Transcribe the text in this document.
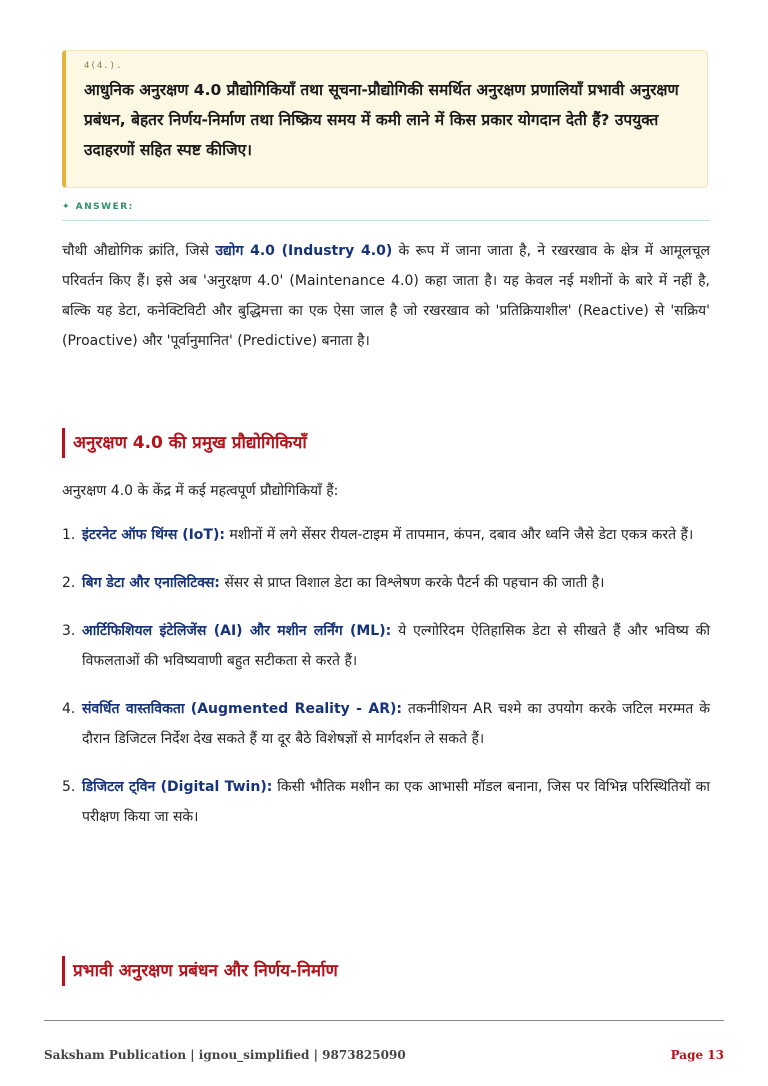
4(4.).
आधुनिक अनुरक्षण 4.0 प्रौद्योगिकियाँ तथा सूचना-प्रौद्योगिकी समर्थित अनुरक्षण प्रणालियाँ प्रभावी अनुरक्षण प्रबंधन, बेहतर निर्णय-निर्माण तथा निष्क्रिय समय में कमी लाने में किस प्रकार योगदान देती हैं? उपयुक्त उदाहरणों सहित स्पष्ट कीजिए।
✦ ANSWER:
चौथी औद्योगिक क्रांति, जिसे उद्योग 4.0 (Industry 4.0) के रूप में जाना जाता है, ने रखरखाव के क्षेत्र में आमूलचूल परिवर्तन किए हैं। इसे अब 'अनुरक्षण 4.0' (Maintenance 4.0) कहा जाता है। यह केवल नई मशीनों के बारे में नहीं है, बल्कि यह डेटा, कनेक्टिविटी और बुद्धिमत्ता का एक ऐसा जाल है जो रखरखाव को 'प्रतिक्रियाशील' (Reactive) से 'सक्रिय' (Proactive) और 'पूर्वानुमानित' (Predictive) बनाता है।
अनुरक्षण 4.0 की प्रमुख प्रौद्योगिकियाँ
अनुरक्षण 4.0 के केंद्र में कई महत्वपूर्ण प्रौद्योगिकियाँ हैं:
1. इंटरनेट ऑफ थिंग्स (IoT): मशीनों में लगे सेंसर रीयल-टाइम में तापमान, कंपन, दबाव और ध्वनि जैसे डेटा एकत्र करते हैं।
2. बिग डेटा और एनालिटिक्स: सेंसर से प्राप्त विशाल डेटा का विश्लेषण करके पैटर्न की पहचान की जाती है।
3. आर्टिफिशियल इंटेलिजेंस (AI) और मशीन लर्निंग (ML): ये एल्गोरिदम ऐतिहासिक डेटा से सीखते हैं और भविष्य की विफलताओं की भविष्यवाणी बहुत सटीकता से करते हैं।
4. संवर्धित वास्तविकता (Augmented Reality - AR): तकनीशियन AR चश्मे का उपयोग करके जटिल मरम्मत के दौरान डिजिटल निर्देश देख सकते हैं या दूर बैठे विशेषज्ञों से मार्गदर्शन ले सकते हैं।
5. डिजिटल ट्विन (Digital Twin): किसी भौतिक मशीन का एक आभासी मॉडल बनाना, जिस पर विभिन्न परिस्थितियों का परीक्षण किया जा सके।
प्रभावी अनुरक्षण प्रबंधन और निर्णय-निर्माण
Saksham Publication | ignou_simplified | 9873825090	Page 13
